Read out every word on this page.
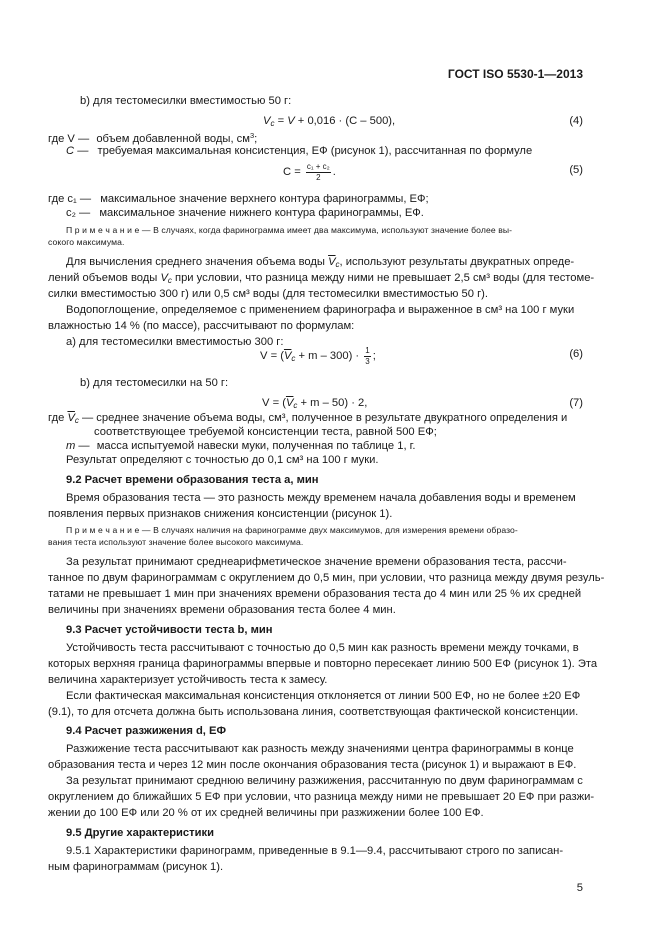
ГОСТ ISO 5530-1—2013
b) для тестомесилки вместимостью 50 г:
$V_c = V + 0,016 \cdot (C - 500)$,	(4)
где V — объем добавленной воды, $см^3$;
C — требуемая максимальная консистенция, ЕФ (рисунок 1), рассчитанная по формуле
$C = \frac{\text{c₁ + c₂}}{2}$ .	(5)
где c₁ — максимальное значение верхнего контура фаринограммы, ЕФ;
c₂ — максимальное значение нижнего контура фаринограммы, ЕФ.
П р и м е ч а н и е — В случаях, когда фаринограмма имеет два максимума, используют значение более вы-
сокого максимума.
Для вычисления среднего значения объема воды $\overline{V}_c$, используют результаты двукратных опреде-
лений объемов воды $V_c$ при условии, что разница между ними не превышает 2,5 см³ воды (для тестоме-
силки вместимостью 300 г) или 0,5 см³ воды (для тестомесилки вместимостью 50 г).
Водопоглощение, определяемое с применением фаринографа и выраженное в см³ на 100 г муки
влажностью 14 % (по массе), рассчитывают по формулам:
a) для тестомесилки вместимостью 300 г:
$V = (\overline{V}_c + m - 300) \cdot \frac{1}{3}$ ;	(6)
b) для тестомесилки на 50 г:
$V = (\overline{V}_c + m - 50) \cdot 2$,	(7)
где $\overline{V}_c$ — среднее значение объема воды, см³, полученное в результате двукратного определения и
соответствующее требуемой консистенции теста, равной 500 ЕФ;
m — масса испытуемой навески муки, полученная по таблице 1, г.
Результат определяют с точностью до 0,1 см³ на 100 г муки.
9.2 Расчет времени образования теста a, мин
Время образования теста — это разность между временем начала добавления воды и временем
появления первых признаков снижения консистенции (рисунок 1).
П р и м е ч а н и е — В случаях наличия на фаринограмме двух максимумов, для измерения времени образо-
вания теста используют значение более высокого максимума.
За результат принимают среднеарифметическое значение времени образования теста, рассчи-
танное по двум фаринограммам с округлением до 0,5 мин, при условии, что разница между двумя резуль-
татами не превышает 1 мин при значениях времени образования теста до 4 мин или 25 % их средней
величины при значениях времени образования теста более 4 мин.
9.3 Расчет устойчивости теста b, мин
Устойчивость теста рассчитывают с точностью до 0,5 мин как разность времени между точками, в
которых верхняя граница фаринограммы впервые и повторно пересекает линию 500 ЕФ (рисунок 1). Эта
величина характеризует устойчивость теста к замесу.
Если фактическая максимальная консистенция отклоняется от линии 500 ЕФ, но не более ±20 ЕФ
(9.1), то для отсчета должна быть использована линия, соответствующая фактической консистенции.
9.4 Расчет разжижения d, ЕФ
Разжижение теста рассчитывают как разность между значениями центра фаринограммы в конце
образования теста и через 12 мин после окончания образования теста (рисунок 1) и выражают в ЕФ.
За результат принимают среднюю величину разжижения, рассчитанную по двум фаринограммам с
округлением до ближайших 5 ЕФ при условии, что разница между ними не превышает 20 ЕФ при разжи-
жении до 100 ЕФ или 20 % от их средней величины при разжижении более 100 ЕФ.
9.5 Другие характеристики
9.5.1 Характеристики фаринограмм, приведенные в 9.1—9.4, рассчитывают строго по записан-
ным фаринограммам (рисунок 1).
5
